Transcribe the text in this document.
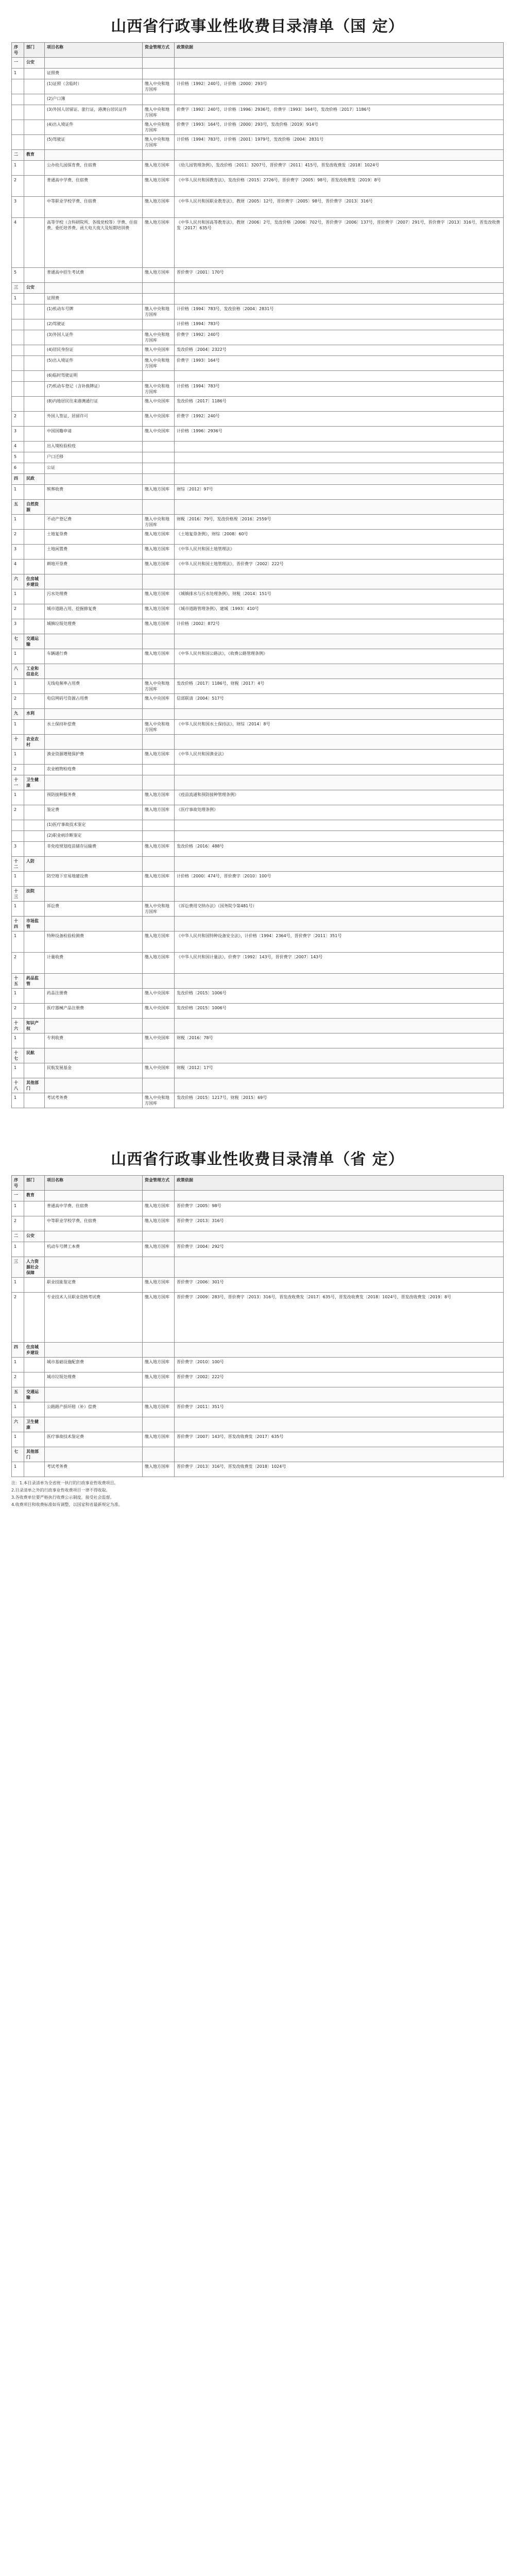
山西省行政事业性收费目录清单（国 定）
序号	部门	项目名称	资金管理方式	政策依据
一	公安			
1		证照费		
		(1)证照（含临时）	缴入中央和地方国库	计价格〔1992〕240号，计价格〔2000〕293号
		(2)户口簿		
		(3)外国人居留证、旅行证，港澳台居民证件	缴入中央和地方国库	价费字〔1992〕240号，计价格〔1996〕2936号，价费字〔1993〕164号，发改价格〔2017〕1186号
		(4)出入境证件	缴入中央和地方国库	价费字〔1993〕164号，计价格〔2000〕293号，发改价格〔2019〕914号
		(5)驾驶证	缴入中央和地方国库	计价格〔1994〕783号，计价格〔2001〕1979号，发改价格〔2004〕2831号
二	教育			
1		公办幼儿园保育费、住宿费	缴入地方国库	《幼儿园管理条例》，发改价格〔2011〕3207号，晋价费字〔2011〕415号，晋发改收费发〔2018〕1024号
2		普通高中学费、住宿费	缴入地方国库	《中华人民共和国教育法》，发改价格〔2015〕2726号，晋价费字〔2005〕98号，晋发改收费发〔2019〕8号
3		中等职业学校学费、住宿费	缴入地方国库	《中华人民共和国职业教育法》，教财〔2005〕12号，晋价费字〔2005〕98号，晋价费字〔2013〕316号
4		高等学校（含科研院所、各级党校等）学费、住宿费、委托培养费、函大电大夜大及短期培训费	缴入地方国库	《中华人民共和国高等教育法》，教财〔2006〕2号，发改价格〔2006〕702号，晋价费字〔2006〕137号，晋价费字〔2007〕291号，晋价费字〔2013〕316号，晋发改收费发〔2017〕635号
5		普通高中招生考试费	缴入地方国库	晋价费字〔2001〕170号
三	公安			
1		证照费		
		(1)机动车号牌	缴入中央和地方国库	计价格〔1994〕783号，发改价格〔2004〕2831号
		(2)驾驶证		计价格〔1994〕783号
		(3)外国人证件	缴入中央和地方国库	价费字〔1992〕240号
		(4)居民身份证	缴入中央国库	发改价格〔2004〕2322号
		(5)出入境证件	缴入中央和地方国库	价费字〔1993〕164号
		(6)临时驾驶证明		
		(7)机动车登记（含补换牌证）	缴入中央和地方国库	计价格〔1994〕783号
		(8)内地居民往来港澳通行证	缴入中央国库	发改价格〔2017〕1186号
2		外国人签证、居留许可	缴入中央国库	价费字〔1992〕240号
3		中国国籍申请	缴入中央国库	计价格〔1996〕2936号
4		出入境检验检疫		
5		户口迁移		
6		公证		
四	民政			
1		殡葬收费	缴入地方国库	财综〔2012〕97号
五	自然资源			
1		不动产登记费	缴入中央和地方国库	财税〔2016〕79号，发改价格规〔2016〕2559号
2		土地复垦费	缴入地方国库	《土地复垦条例》，财综〔2008〕60号
3		土地闲置费	缴入地方国库	《中华人民共和国土地管理法》
4		耕地开垦费	缴入地方国库	《中华人民共和国土地管理法》，晋价费字〔2002〕222号
六	住房城乡建设			
1		污水处理费	缴入地方国库	《城镇排水与污水处理条例》，财税〔2014〕151号
2		城市道路占用、挖掘修复费	缴入地方国库	《城市道路管理条例》，建城〔1993〕410号
3		城镇垃圾处理费	缴入地方国库	计价格〔2002〕872号
七	交通运输			
1		车辆通行费	缴入地方国库	《中华人民共和国公路法》，《收费公路管理条例》
八	工业和信息化			
1		无线电频率占用费	缴入中央和地方国库	发改价格〔2017〕1186号，财税〔2017〕4号
2		电信网码号资源占用费	缴入中央国库	信部联清〔2004〕517号
九	水利			
1		水土保持补偿费	缴入中央和地方国库	《中华人民共和国水土保持法》，财综〔2014〕8号
十	农业农村			
1		渔业资源增殖保护费	缴入地方国库	《中华人民共和国渔业法》
2		农业植物检疫费		
十一	卫生健康			
1		预防接种服务费	缴入地方国库	《疫苗流通和预防接种管理条例》
2		鉴定费	缴入地方国库	《医疗事故处理条例》
		(1)医疗事故技术鉴定		
		(2)职业病诊断鉴定		
3		非免疫规划疫苗储存运输费	缴入地方国库	发改价格〔2016〕488号
十二	人防			
1		防空地下室易地建设费	缴入地方国库	计价格〔2000〕474号，晋价费字〔2010〕100号
十三	法院			
1		诉讼费	缴入中央和地方国库	《诉讼费用交纳办法》（国务院令第481号）
十四	市场监管			
1		特种设备检验检测费	缴入地方国库	《中华人民共和国特种设备安全法》，计价格〔1994〕2364号，晋价费字〔2011〕351号
2		计量收费	缴入地方国库	《中华人民共和国计量法》，价费字〔1992〕143号，晋价费字〔2007〕143号
十五	药品监管			
1		药品注册费	缴入中央国库	发改价格〔2015〕1006号
2		医疗器械产品注册费	缴入中央国库	发改价格〔2015〕1006号
十六	知识产权			
1		专利收费	缴入中央国库	财税〔2016〕78号
十七	民航			
1		民航发展基金	缴入中央国库	财税〔2012〕17号
十八	其他部门			
1		考试考务费	缴入中央和地方国库	发改价格〔2015〕1217号，财税〔2015〕69号
山西省行政事业性收费目录清单（省 定）
序号	部门	项目名称	资金管理方式	政策依据
一	教育			
1		普通高中学费、住宿费	缴入地方国库	晋价费字〔2005〕98号
2		中等职业学校学费、住宿费	缴入地方国库	晋价费字〔2013〕316号
二	公安			
1		机动车号牌工本费	缴入地方国库	晋价费字〔2004〕292号
三	人力资源社会保障			
1		职业技能鉴定费	缴入地方国库	晋价费字〔2006〕301号
2		专业技术人员职业资格考试费	缴入地方国库	晋价费字〔2009〕283号，晋价费字〔2013〕316号，晋发改收费发〔2017〕635号，晋发改收费发〔2018〕1024号，晋发改收费发〔2019〕8号
四	住房城乡建设			
1		城市基础设施配套费	缴入地方国库	晋价费字〔2010〕100号
2		城市垃圾处理费	缴入地方国库	晋价费字〔2002〕222号
五	交通运输			
1		公路路产损坏赔（补）偿费	缴入地方国库	晋价费字〔2011〕351号
六	卫生健康			
1		医疗事故技术鉴定费	缴入地方国库	晋价费字〔2007〕143号，晋发改收费发〔2017〕635号
七	其他部门			
1		考试考务费	缴入地方国库	晋价费字〔2013〕316号，晋发改收费发〔2018〕1024号

注：1.本目录清单为全省统一执行的行政事业性收费项目。

2.目录清单之外的行政事业性收费项目一律不得收取。

3.各收费单位要严格执行收费公示制度，接受社会监督。

4.收费项目和收费标准如有调整，以国家和省最新规定为准。
